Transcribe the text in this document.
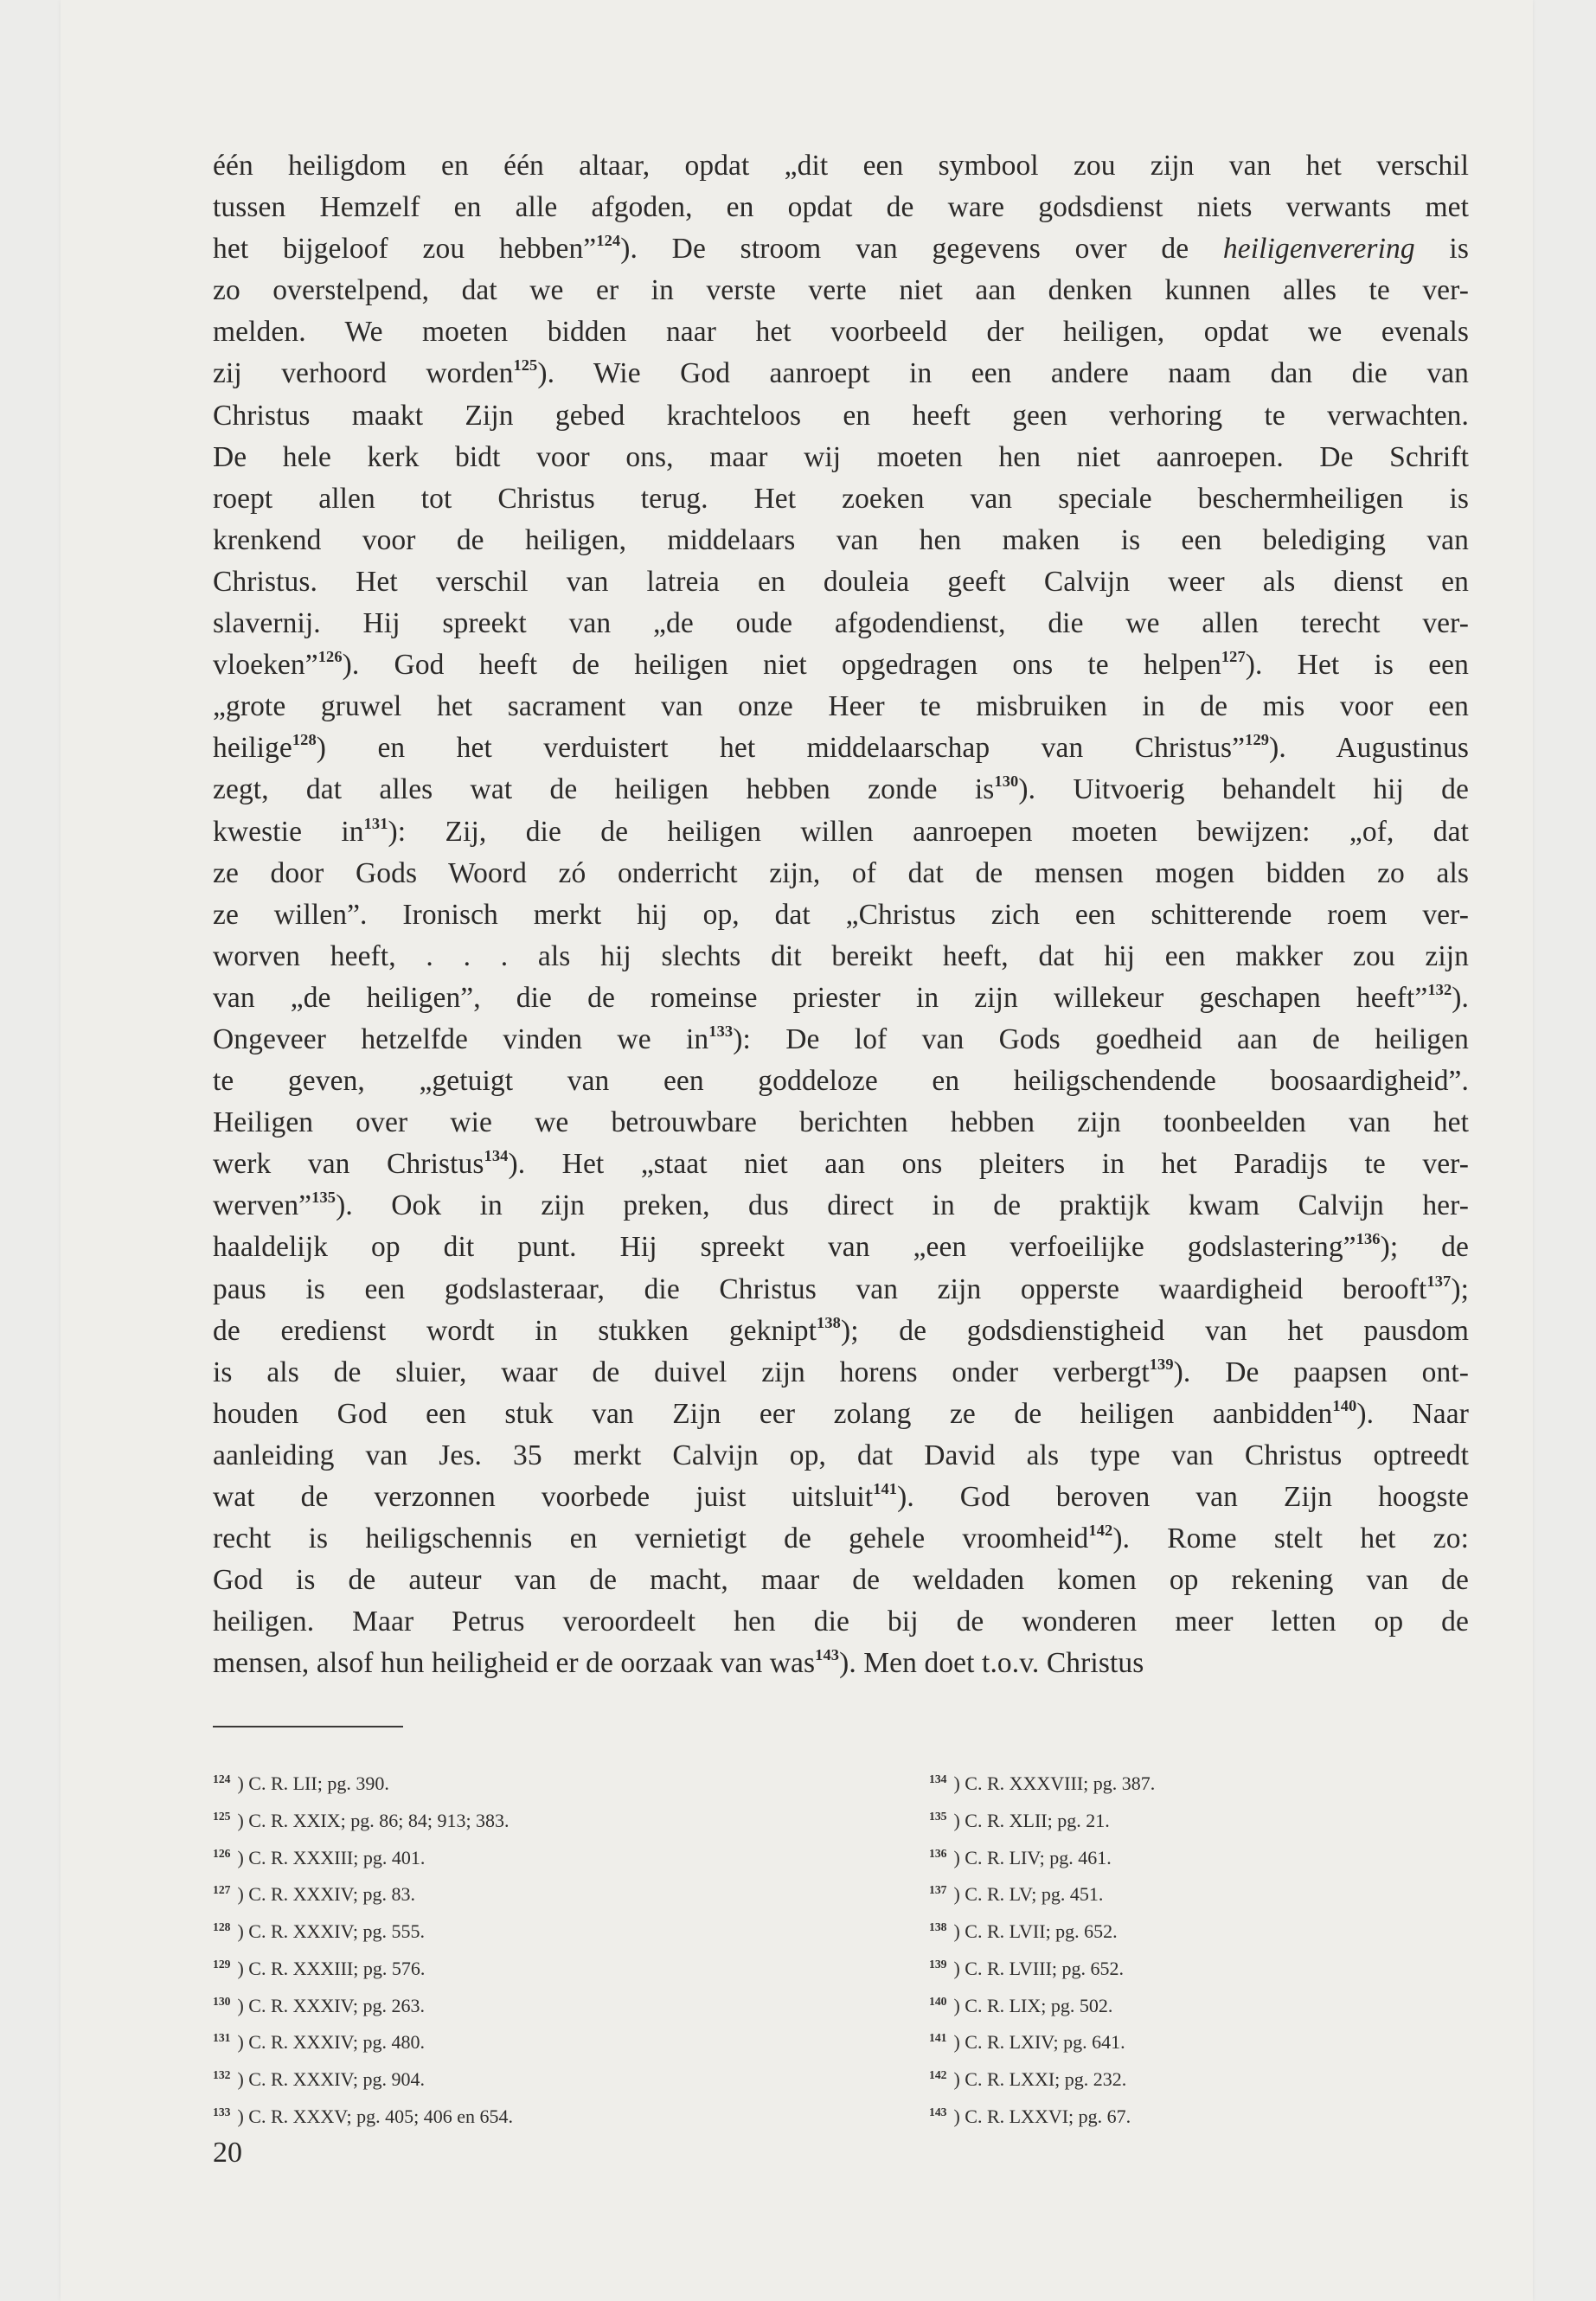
één heiligdom en één altaar, opdat „dit een symbool zou zijn van het verschil
tussen Hemzelf en alle afgoden, en opdat de ware godsdienst niets verwants met
het bijgeloof zou hebben”$^{124}$). De stroom van gegevens over de heiligenverering is
zo overstelpend, dat we er in verste verte niet aan denken kunnen alles te ver-
melden. We moeten bidden naar het voorbeeld der heiligen, opdat we evenals
zij verhoord worden$^{125}$). Wie God aanroept in een andere naam dan die van
Christus maakt Zijn gebed krachteloos en heeft geen verhoring te verwachten.
De hele kerk bidt voor ons, maar wij moeten hen niet aanroepen. De Schrift
roept allen tot Christus terug. Het zoeken van speciale beschermheiligen is
krenkend voor de heiligen, middelaars van hen maken is een belediging van
Christus. Het verschil van latreia en douleia geeft Calvijn weer als dienst en
slavernij. Hij spreekt van „de oude afgodendienst, die we allen terecht ver-
vloeken”$^{126}$). God heeft de heiligen niet opgedragen ons te helpen$^{127}$). Het is een
„grote gruwel het sacrament van onze Heer te misbruiken in de mis voor een
heilige$^{128}$) en het verduistert het middelaarschap van Christus”$^{129}$). Augustinus
zegt, dat alles wat de heiligen hebben zonde $is^{130}$). Uitvoerig behandelt hij de
kwestie $in^{131}$): Zij, die de heiligen willen aanroepen moeten bewijzen: „of, dat
ze door Gods Woord zó onderricht zijn, of dat de mensen mogen bidden zo als
ze willen”. Ironisch merkt hij op, dat „Christus zich een schitterende roem ver-
worven heeft, . . . als hij slechts dit bereikt heeft, dat hij een makker zou zijn
van „de heiligen”, die de romeinse priester in zijn willekeur geschapen heeft”$^{132}$).
Ongeveer hetzelfde vinden we $in^{133}$): De lof van Gods goedheid aan de heiligen
te geven, „getuigt van een goddeloze en heiligschendende boosaardigheid”.
Heiligen over wie we betrouwbare berichten hebben zijn toonbeelden van het
werk van Christus$^{134}$). Het „staat niet aan ons pleiters in het Paradijs te ver-
werven”$^{135}$). Ook in zijn preken, dus direct in de praktijk kwam Calvijn her-
haaldelijk op dit punt. Hij spreekt van „een verfoeilijke godslastering”$^{136}$); de
paus is een godslasteraar, die Christus van zijn opperste waardigheid berooft$^{137}$);
de eredienst wordt in stukken geknipt$^{138}$); de godsdienstigheid van het pausdom
is als de sluier, waar de duivel zijn horens onder verbergt$^{139}$). De paapsen ont-
houden God een stuk van Zijn eer zolang ze de heiligen aanbidden$^{140}$). Naar
aanleiding van Jes. 35 merkt Calvijn op, dat David als type van Christus optreedt
wat de verzonnen voorbede juist uitsluit$^{141}$). God beroven van Zijn hoogste
recht is heiligschennis en vernietigt de gehele vroomheid$^{142}$). Rome stelt het zo:
God is de auteur van de macht, maar de weldaden komen op rekening van de
heiligen. Maar Petrus veroordeelt hen die bij de wonderen meer letten op de
mensen, alsof hun heiligheid er de oorzaak van was$^{143}$). Men doet t.o.v. Christus
$^{124}$ ) C. R. LII; pg. 390.
$^{125}$ ) C. R. XXIX; pg. 86; 84; 913; 383.
$^{126}$ ) C. R. XXXIII; pg. 401.
$^{127}$ ) C. R. XXXIV; pg. 83.
$^{128}$ ) C. R. XXXIV; pg. 555.
$^{129}$ ) C. R. XXXIII; pg. 576.
$^{130}$ ) C. R. XXXIV; pg. 263.
$^{131}$ ) C. R. XXXIV; pg. 480.
$^{132}$ ) C. R. XXXIV; pg. 904.
$^{133}$ ) C. R. XXXV; pg. 405; 406 en 654.
$^{134}$ ) C. R. XXXVIII; pg. 387.
$^{135}$ ) C. R. XLII; pg. 21.
$^{136}$ ) C. R. LIV; pg. 461.
$^{137}$ ) C. R. LV; pg. 451.
$^{138}$ ) C. R. LVII; pg. 652.
$^{139}$ ) C. R. LVIII; pg. 652.
$^{140}$ ) C. R. LIX; pg. 502.
$^{141}$ ) C. R. LXIV; pg. 641.
$^{142}$ ) C. R. LXXI; pg. 232.
$^{143}$ ) C. R. LXXVI; pg. 67.
20
